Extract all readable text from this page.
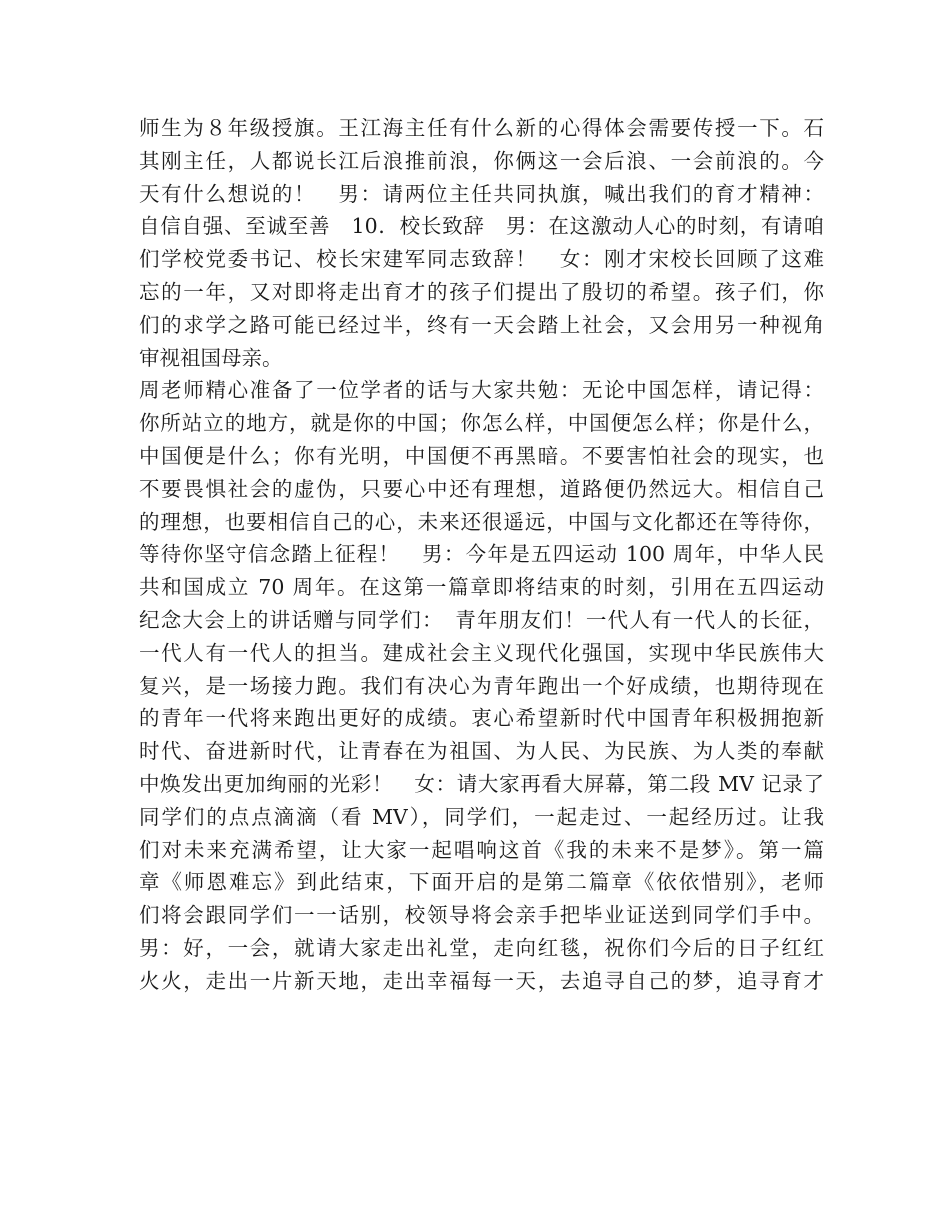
师生为８年级授旗。王江海主任有什么新的心得体会需要传授一下。石
其刚主任，人都说长江后浪推前浪，你俩这一会后浪、一会前浪的。今
天有什么想说的！　男：请两位主任共同执旗，喊出我们的育才精神：
自信自强、至诚至善　10．校长致辞　男：在这激动人心的时刻，有请咱
们学校党委书记、校长宋建军同志致辞！　女：刚才宋校长回顾了这难
忘的一年，又对即将走出育才的孩子们提出了殷切的希望。孩子们，你
们的求学之路可能已经过半，终有一天会踏上社会，又会用另一种视角
审视祖国母亲。
周老师精心准备了一位学者的话与大家共勉：无论中国怎样，请记得：
你所站立的地方，就是你的中国；你怎么样，中国便怎么样；你是什么，
中国便是什么；你有光明，中国便不再黑暗。不要害怕社会的现实，也
不要畏惧社会的虚伪，只要心中还有理想，道路便仍然远大。相信自己
的理想，也要相信自己的心，未来还很遥远，中国与文化都还在等待你，
等待你坚守信念踏上征程！　男：今年是五四运动 100 周年，中华人民
共和国成立 70 周年。在这第一篇章即将结束的时刻，引用在五四运动
纪念大会上的讲话赠与同学们：　青年朋友们！一代人有一代人的长征，
一代人有一代人的担当。建成社会主义现代化强国，实现中华民族伟大
复兴，是一场接力跑。我们有决心为青年跑出一个好成绩，也期待现在
的青年一代将来跑出更好的成绩。衷心希望新时代中国青年积极拥抱新
时代、奋进新时代，让青春在为祖国、为人民、为民族、为人类的奉献
中焕发出更加绚丽的光彩！　女：请大家再看大屏幕，第二段 MV 记录了
同学们的点点滴滴（看 MV），同学们，一起走过、一起经历过。让我
们对未来充满希望，让大家一起唱响这首《我的未来不是梦》。第一篇
章《师恩难忘》到此结束，下面开启的是第二篇章《依依惜别》，老师
们将会跟同学们一一话别，校领导将会亲手把毕业证送到同学们手中。
男：好，一会，就请大家走出礼堂，走向红毯，祝你们今后的日子红红
火火，走出一片新天地，走出幸福每一天，去追寻自己的梦，追寻育才
